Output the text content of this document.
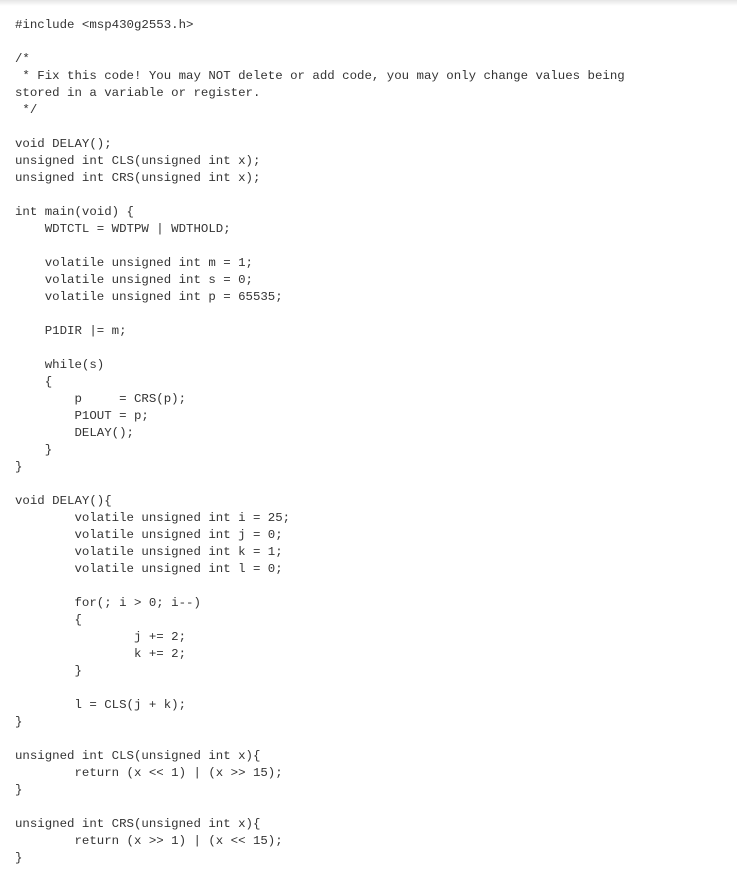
#include <msp430g2553.h>
/*
* Fix this code! You may NOT delete or add code, you may only change values being
stored in a variable or register.
*/
void DELAY();
unsigned int CLS(unsigned int x);
unsigned int CRS(unsigned int x);
int main(void) {
WDTCTL = WDTPW | WDTHOLD;
volatile unsigned int m = 1;
volatile unsigned int s = 0;
volatile unsigned int p = 65535;
P1DIR |= m;
while(s)
{
p     = CRS(p);
P1OUT = p;
DELAY();
}
}
void DELAY(){
volatile unsigned int i = 25;
volatile unsigned int j = 0;
volatile unsigned int k = 1;
volatile unsigned int l = 0;
for(; i > 0; i--)
{
j += 2;
k += 2;
}
l = CLS(j + k);
}
unsigned int CLS(unsigned int x){
return (x << 1) | (x >> 15);
}
unsigned int CRS(unsigned int x){
return (x >> 1) | (x << 15);
}
